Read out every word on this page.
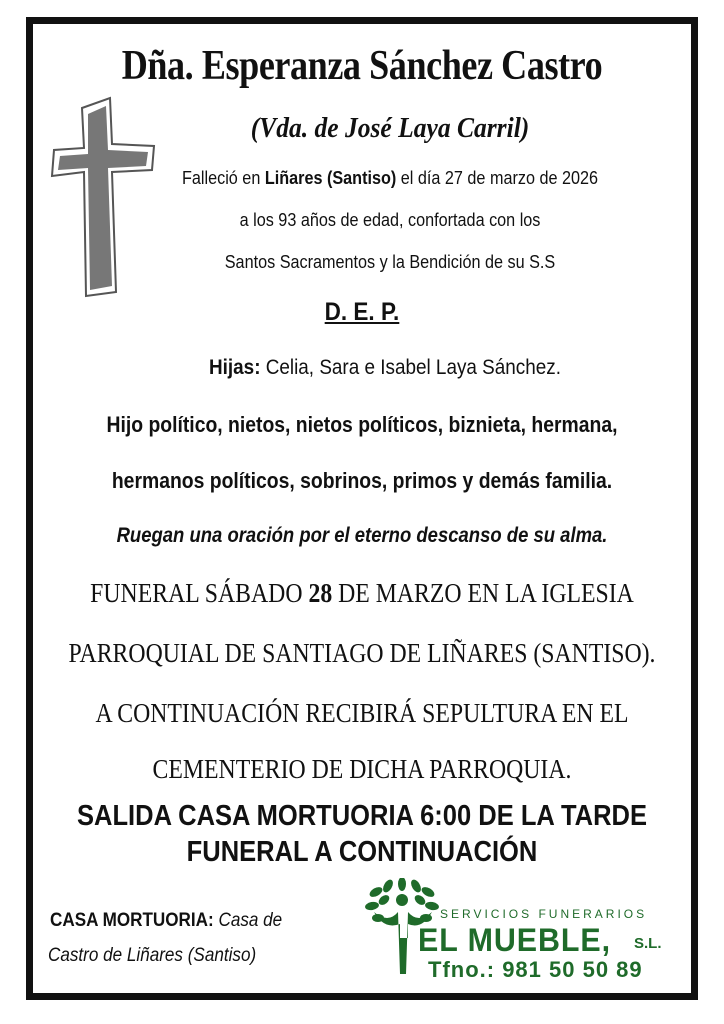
Dña. Esperanza Sánchez Castro
(Vda. de José Laya Carril)
Falleció en Liñares (Santiso) el día 27 de marzo de 2026
a los 93 años de edad, confortada con los
Santos Sacramentos y la Bendición de su S.S
D. E. P.
Hijas: Celia, Sara e Isabel Laya Sánchez.
Hijo político, nietos, nietos políticos, biznieta, hermana,
hermanos políticos, sobrinos, primos y demás familia.
Ruegan una oración por el eterno descanso de su alma.
FUNERAL SÁBADO 28 DE MARZO EN LA IGLESIA
PARROQUIAL DE SANTIAGO DE LIÑARES (SANTISO).
A CONTINUACIÓN RECIBIRÁ SEPULTURA EN EL
CEMENTERIO DE DICHA PARROQUIA.
SALIDA CASA MORTUORIA 6:00 DE LA TARDE
FUNERAL A CONTINUACIÓN
CASA MORTUORIA: Casa de
Castro de Liñares (Santiso)
SERVICIOS FUNERARIOS
EL MUEBLE, S.L.
Tfno.: 981 50 50 89
